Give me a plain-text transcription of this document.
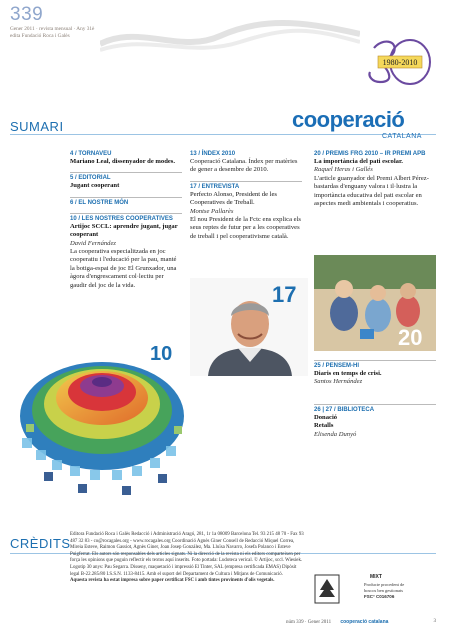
339
Gener 2011 · revista mensual · Any 31è
edita Fundació Roca i Galès
1980-2010
SUMARI	cooperació
CATALANA
4 / TORNAVEU
Mariano Leal, dissenyador de modes.
5 / EDITORIAL
Jugant cooperant
6 / EL NOSTRE MÓN
10 / LES NOSTRES COOPERATIVES
Artijoc SCCL: aprendre jugant, jugar cooperant
David Fernández
La cooperativa especialitzada en joc cooperatiu i l'educació per la pau, manté la botiga-espai de joc El Grunxador, una àgora d'engrescament col·lectiu per gaudir del joc de la vida.
13 / ÍNDEX 2010
Cooperació Catalana. Índex per matèries de gener a desembre de 2010.
17 / ENTREVISTA
Perfecto Alonso, President de les Cooperatives de Treball.
Montse Pallarès
El nou President de la Fctc ens explica els seus reptes de futur per a les cooperatives de treball i pel cooperativisme català.
20 / PREMIS FRG 2010 – IR PREMI APB
La importància del pati escolar.
Raquel Heras i Gallés
L'article guanyador del Premi Albert Pérez-bastardas d'enguany valora i il·lustra la importància educativa del pati escolar en aspectes medi ambientals i cooperatius.
25 / PENSEM-HI
Diaris en temps de crisi.
Santos Hernández
26 | 27 / BIBLIOTECA
Donació
Retalls
Elisenda Dunyó
10
17
20
CRÈDITS
Editora Fundació Roca i Galès Redacció i Administració Aragó, 281, 1r 1a 08009 Barcelona Tel. 93 215 48 70 - Fax 93 487 32 83 - co@rocagales.org - www.rocagales.org Coordinació Agnès Giner Consell de Redacció Miquel Correa, Mireia Esteve, Raimon Gassiot, Agnès Giner, Joan Josep González, Ma. Lluïsa Navarro, Josefa Polanco i Esteve Puigferrat. Els autors són responsables dels articles signats. Ni la direcció de la revista ni els editors comparteixen per força les opinions que puguin reflectir els textos aquí inserits. Foto portada: Ludoteca verical. © Artijoc, sccl. Wiesiek. Logotip 30 anys: Pau Segarra. Disseny, maquetació i impressió El Tinter, SAL (empresa certificada EMAS) Dipòsit legal B-22.285/80 I.S.S.N. 1133-8415. Amb el suport del Departament de Cultura i Mitjans de Comunicació.
Aquesta revista ha estat impresa sobre paper certificat FSC i amb tintes provinents d'olis vegetals.
MIXT
Producte procedent de
boscos ben gestionats
FSC° C016706
núm 339 · Gener 2011 cooperació catalana	3
